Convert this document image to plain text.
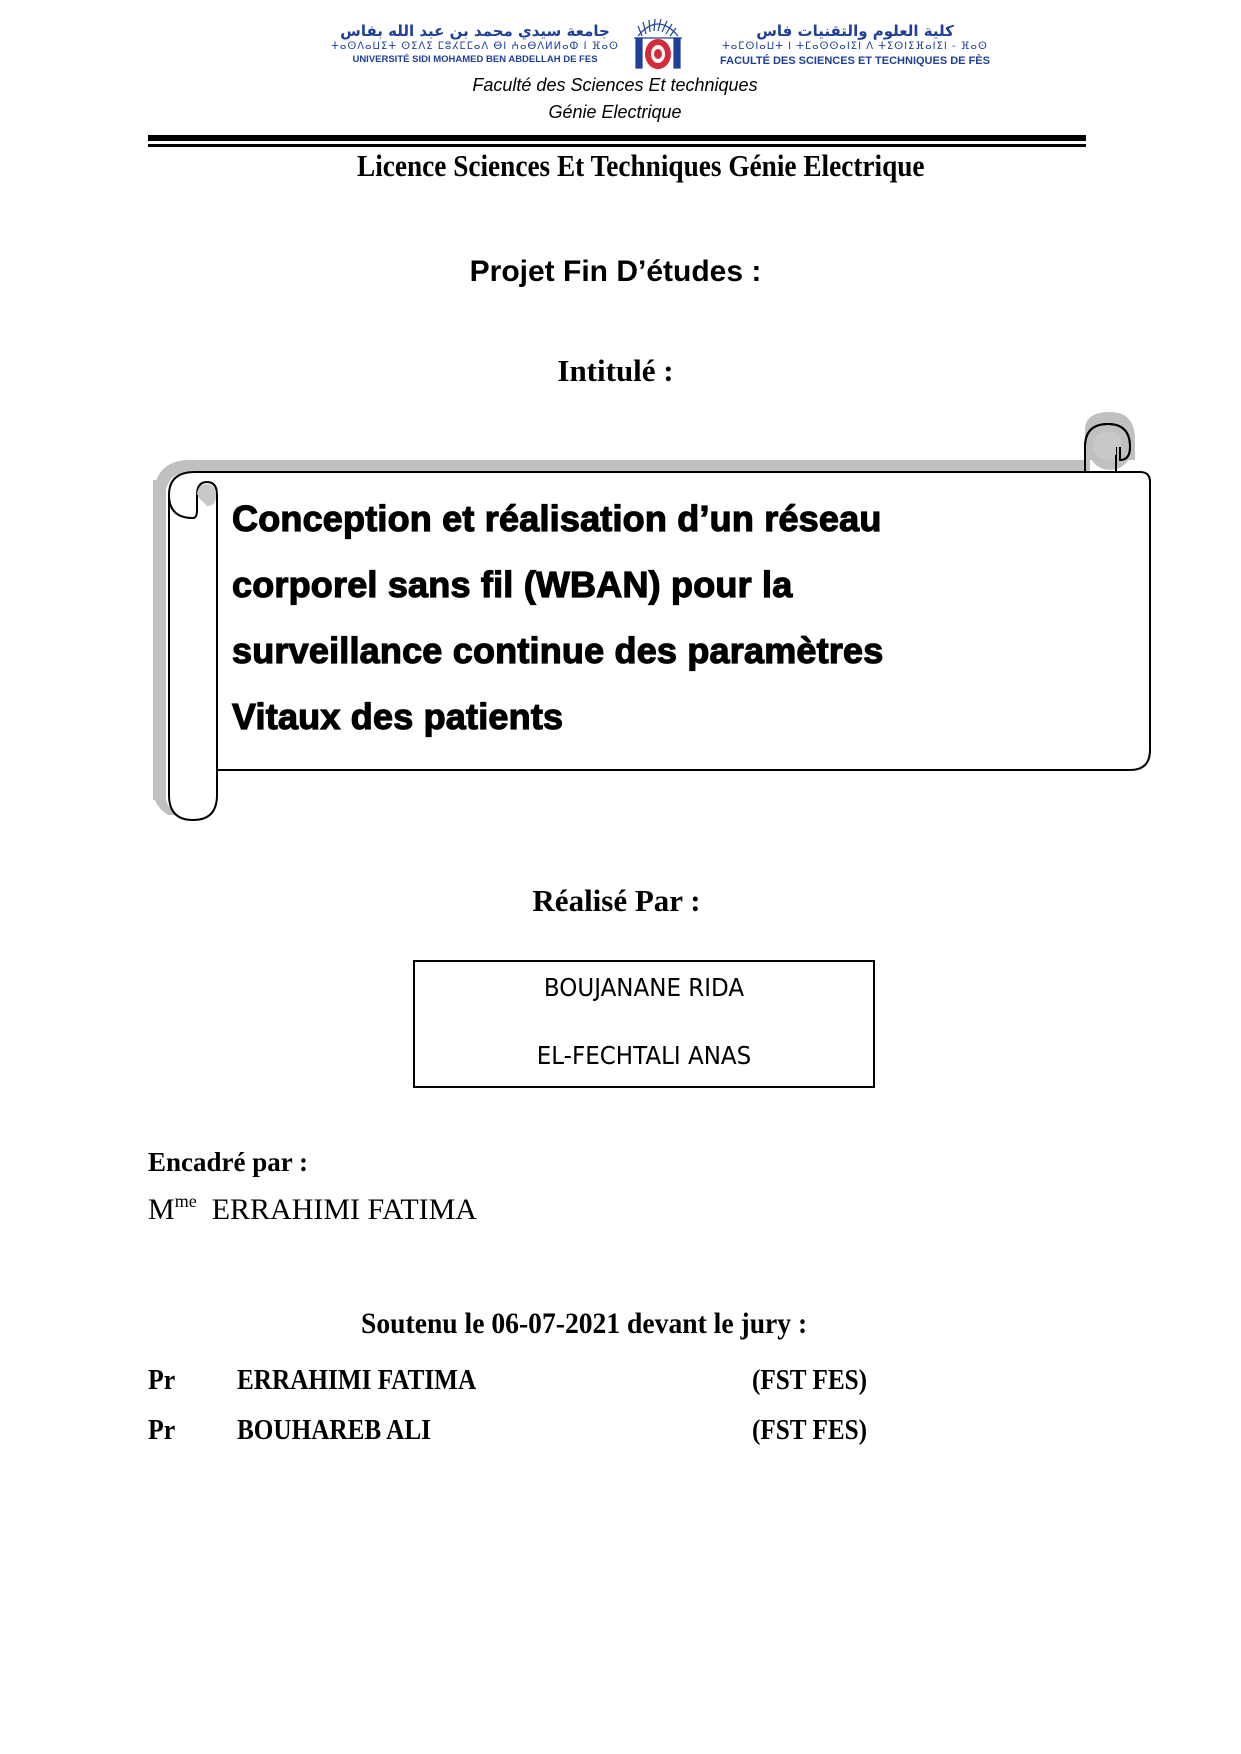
جامعة سيدي محمد بن عبد الله بفاس
ⵜⴰⵙⴷⴰⵡⵉⵜ ⵙⵉⴷⵉ ⵎⵓⵃⵎⵎⴰⴷ ⴱⵏ ⵄⴰⴱⴷⵍⵍⴰⵀ ⵏ ⴼⴰⵙ
UNIVERSITÉ SIDI MOHAMED BEN ABDELLAH DE FES
كلية العلوم والتقنيات فاس
ⵜⴰⵎⵙⵏⴰⵡⵜ ⵏ ⵜⵎⴰⵙⵙⴰⵏⵉⵏ ⴷ ⵜⵉⵙⵏⵉⴼⴰⵏⵉⵏ - ⴼⴰⵙ
FACULTÉ DES SCIENCES ET TECHNIQUES DE FÈS
Faculté des Sciences Et techniques
Génie Electrique
Licence Sciences Et Techniques Génie Electrique
Projet Fin D’études :
Intitulé :
Conception et réalisation d’un réseau
corporel sans fil (WBAN) pour la
surveillance continue des paramètres
Vitaux des patients
Réalisé Par :
BOUJANANE RIDA
EL-FECHTALI ANAS
Encadré par :
$M^{me}$ ERRAHIMI FATIMA
Soutenu le 06-07-2021 devant le jury :
Pr ERRAHIMI FATIMA	(FST FES)
Pr BOUHAREB ALI	(FST FES)
